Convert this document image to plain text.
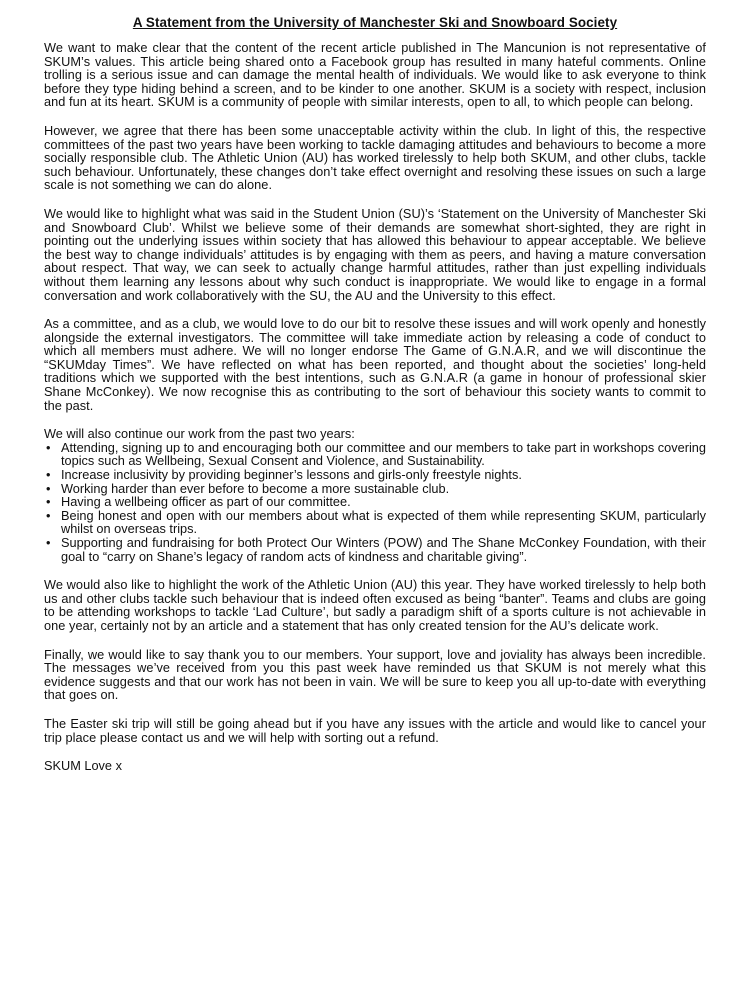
A Statement from the University of Manchester Ski and Snowboard Society

We want to make clear that the content of the recent article published in The Mancunion is not representative of SKUM’s values. This article being shared onto a Facebook group has resulted in many hateful comments. Online trolling is a serious issue and can damage the mental health of individuals. We would like to ask everyone to think before they type hiding behind a screen, and to be kinder to one another. SKUM is a society with respect, inclusion and fun at its heart. SKUM is a community of people with similar interests, open to all, to which people can belong.

However, we agree that there has been some unacceptable activity within the club. In light of this, the respective committees of the past two years have been working to tackle damaging attitudes and behaviours to become a more socially responsible club. The Athletic Union (AU) has worked tirelessly to help both SKUM, and other clubs, tackle such behaviour. Unfortunately, these changes don’t take effect overnight and resolving these issues on such a large scale is not something we can do alone.

We would like to highlight what was said in the Student Union (SU)’s ‘Statement on the University of Manchester Ski and Snowboard Club’. Whilst we believe some of their demands are somewhat short-sighted, they are right in pointing out the underlying issues within society that has allowed this behaviour to appear acceptable. We believe the best way to change individuals’ attitudes is by engaging with them as peers, and having a mature conversation about respect. That way, we can seek to actually change harmful attitudes, rather than just expelling individuals without them learning any lessons about why such conduct is inappropriate. We would like to engage in a formal conversation and work collaboratively with the SU, the AU and the University to this effect.

As a committee, and as a club, we would love to do our bit to resolve these issues and will work openly and honestly alongside the external investigators. The committee will take immediate action by releasing a code of conduct to which all members must adhere. We will no longer endorse The Game of G.N.A.R, and we will discontinue the “SKUMday Times”. We have reflected on what has been reported, and thought about the societies’ long-held traditions which we supported with the best intentions, such as G.N.A.R (a game in honour of professional skier Shane McConkey). We now recognise this as contributing to the sort of behaviour this society wants to commit to the past.

We will also continue our work from the past two years:

• Attending, signing up to and encouraging both our committee and our members to take part in workshops covering topics such as Wellbeing, Sexual Consent and Violence, and Sustainability.
• Increase inclusivity by providing beginner’s lessons and girls-only freestyle nights.
• Working harder than ever before to become a more sustainable club.
• Having a wellbeing officer as part of our committee.
• Being honest and open with our members about what is expected of them while representing SKUM, particularly whilst on overseas trips.
• Supporting and fundraising for both Protect Our Winters (POW) and The Shane McConkey Foundation, with their goal to “carry on Shane’s legacy of random acts of kindness and charitable giving”.

We would also like to highlight the work of the Athletic Union (AU) this year. They have worked tirelessly to help both us and other clubs tackle such behaviour that is indeed often excused as being “banter”. Teams and clubs are going to be attending workshops to tackle ‘Lad Culture’, but sadly a paradigm shift of a sports culture is not achievable in one year, certainly not by an article and a statement that has only created tension for the AU’s delicate work.

Finally, we would like to say thank you to our members. Your support, love and joviality has always been incredible. The messages we’ve received from you this past week have reminded us that SKUM is not merely what this evidence suggests and that our work has not been in vain. We will be sure to keep you all up-to-date with everything that goes on.

The Easter ski trip will still be going ahead but if you have any issues with the article and would like to cancel your trip place please contact us and we will help with sorting out a refund.

SKUM Love x
